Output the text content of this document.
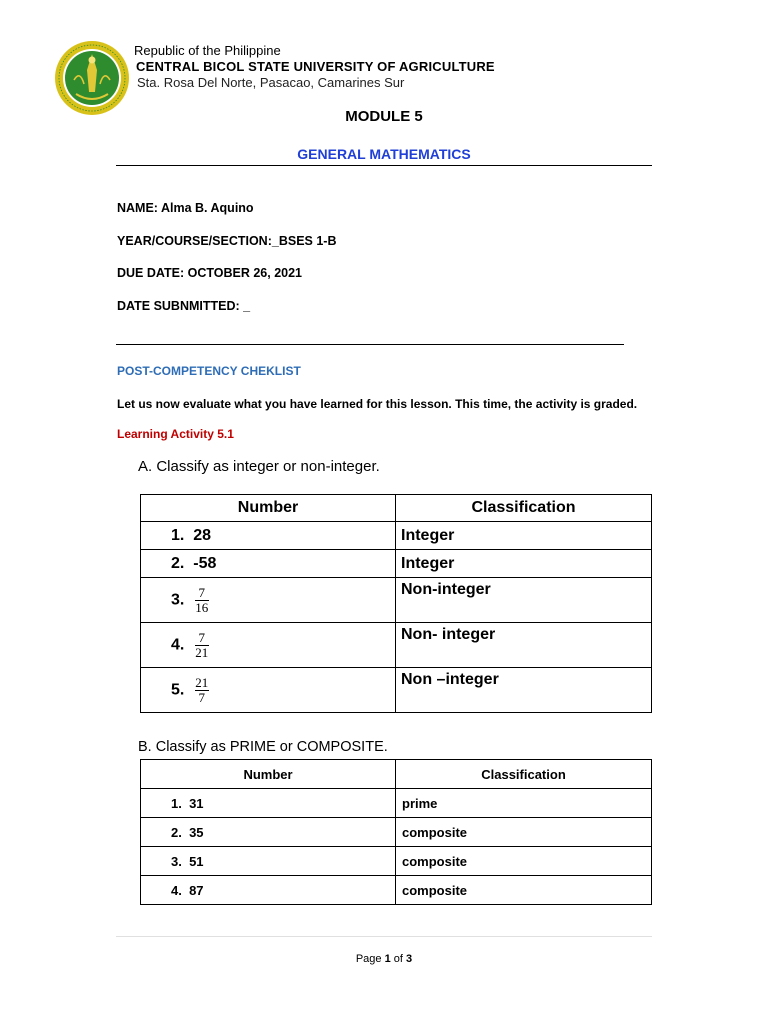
Republic of the Philippine
CENTRAL BICOL STATE UNIVERSITY OF AGRICULTURE
Sta. Rosa Del Norte, Pasacao, Camarines Sur
MODULE 5
GENERAL MATHEMATICS
NAME: Alma B. Aquino
YEAR/COURSE/SECTION:_BSES 1-B
DUE DATE: OCTOBER 26, 2021
DATE SUBNMITTED: _
POST-COMPETENCY CHEKLIST
Let us now evaluate what you have learned for this lesson. This time, the activity is graded.
Learning Activity 5.1
A. Classify as integer or non-integer.
Number	Classification
1. 28	Integer
2. -58	Integer
3. $\frac{7}{16}$	Non-integer
4. $\frac{7}{21}$	Non- integer
5. $\frac{21}{7}$	Non –integer
B. Classify as PRIME or COMPOSITE.
Number	Classification
1. 31	prime
2. 35	composite
3. 51	composite
4. 87	composite
Page 1 of 3
